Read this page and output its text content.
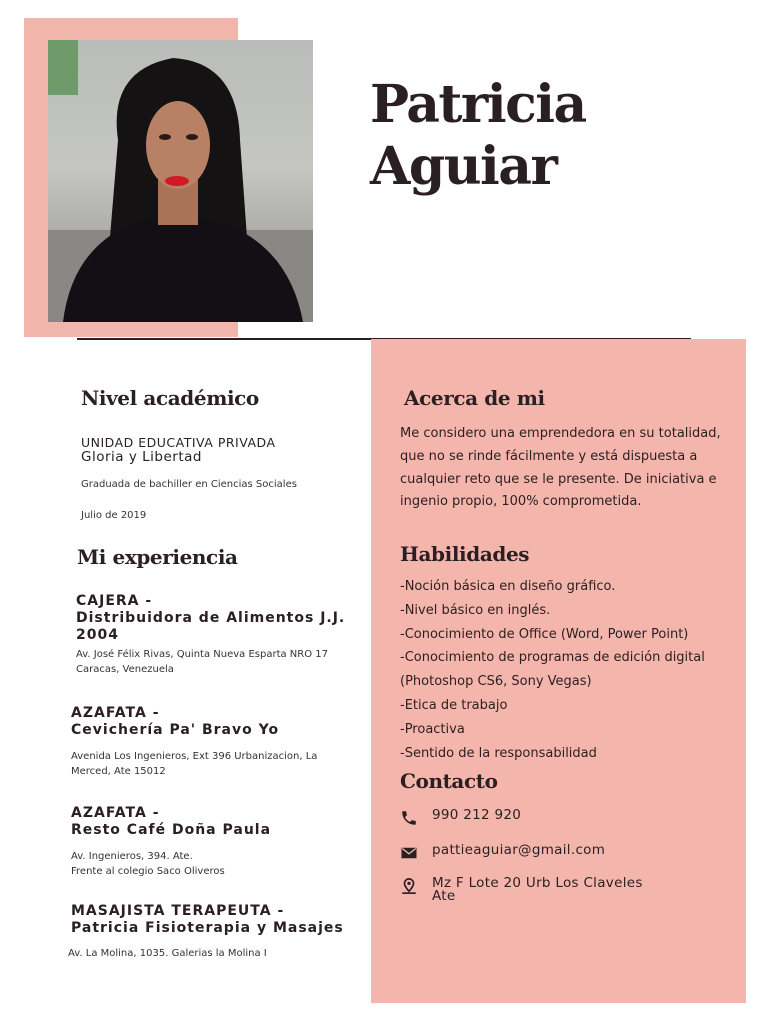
Patricia
Aguiar
Nivel académico
UNIDAD EDUCATIVA PRIVADA
Gloria y Libertad
Graduada de bachiller en Ciencias Sociales
Julio de 2019
Mi experiencia
CAJERA -
Distribuidora de Alimentos J.J.
2004
Av. José Félix Rivas, Quinta Nueva Esparta NRO 17
Caracas, Venezuela
AZAFATA -
Cevichería Pa' Bravo Yo
Avenida Los Ingenieros, Ext 396 Urbanizacion, La
Merced, Ate 15012
AZAFATA -
Resto Café Doña Paula
Av. Ingenieros, 394. Ate.
Frente al colegio Saco Oliveros
MASAJISTA TERAPEUTA -
Patricia Fisioterapia y Masajes
Av. La Molina, 1035. Galerias la Molina I
Acerca de mi

Me considero una emprendedora en su totalidad, que no se rinde fácilmente y está dispuesta a cualquier reto que se le presente. De iniciativa e ingenio propio, 100% comprometida.

Habilidades
-Noción básica en diseño gráfico.
-Nivel básico en inglés.
-Conocimiento de Office (Word, Power Point)
-Conocimiento de programas de edición digital
(Photoshop CS6, Sony Vegas)
-Etica de trabajo
-Proactiva
-Sentido de la responsabilidad
Contacto
990 212 920
pattieaguiar@gmail.com
Mz F Lote 20 Urb Los Claveles
Ate
